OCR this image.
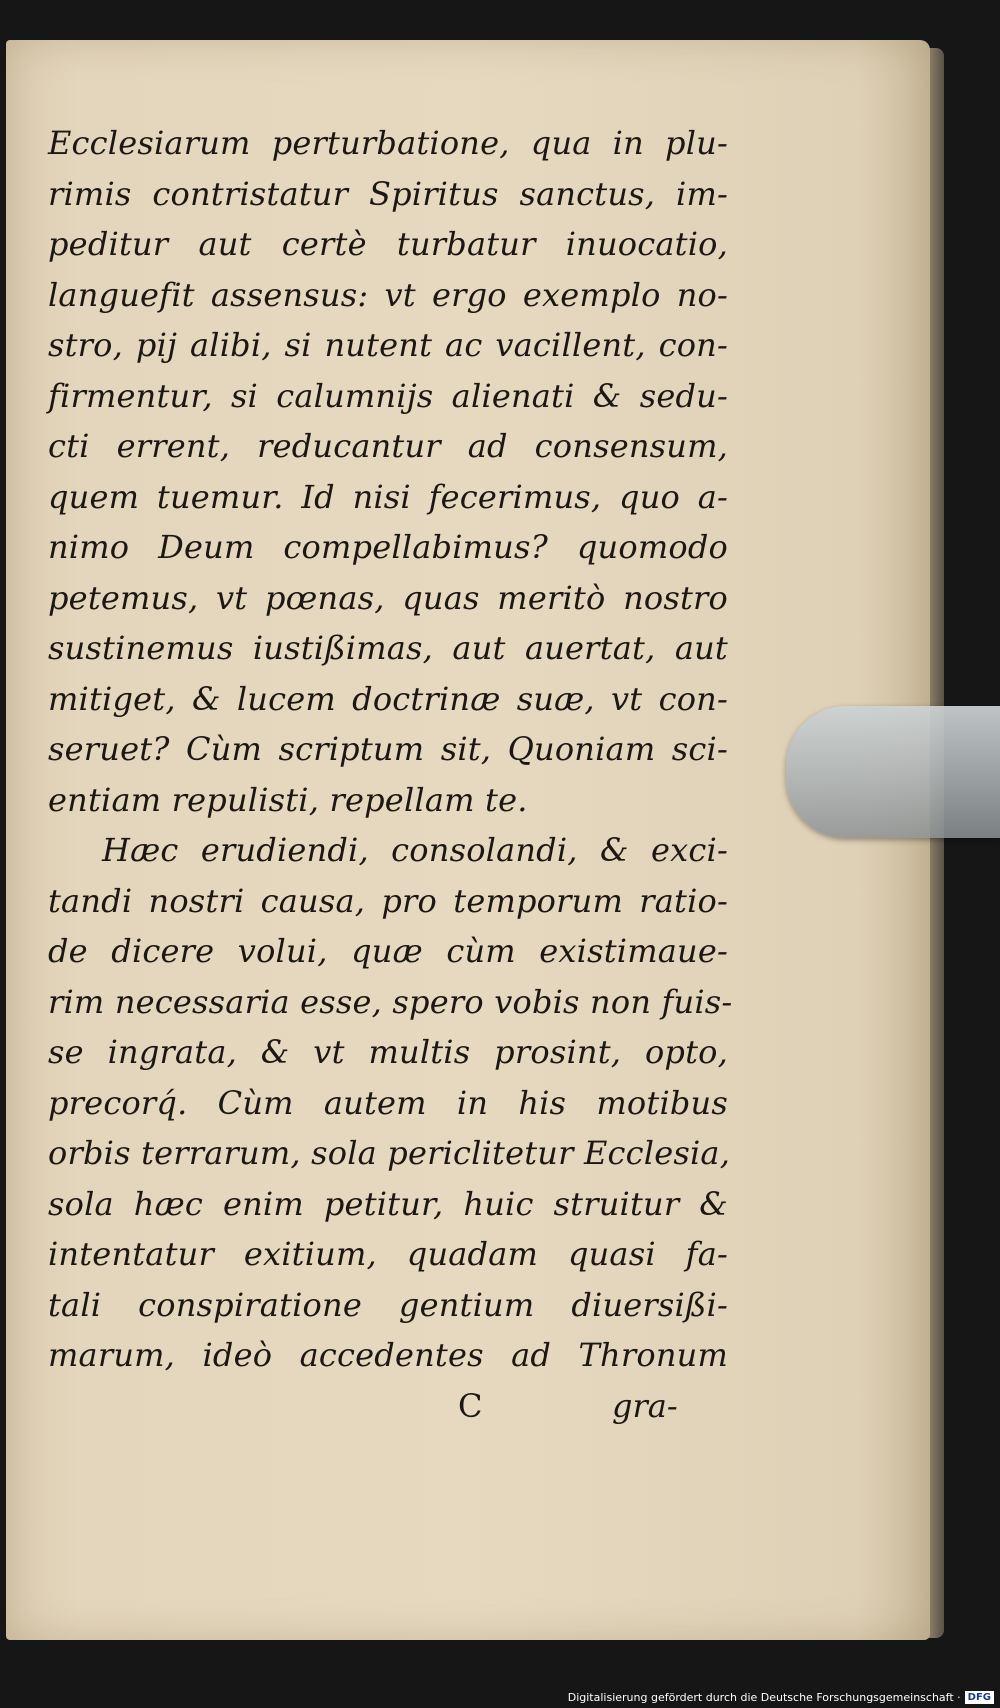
Ecclesiarum perturbatione, qua in plu-
rimis contristatur Spiritus sanctus, im-
peditur aut certè turbatur inuocatio,
languefit assensus: vt ergo exemplo no-
stro, pij alibi, si nutent ac vacillent, con-
firmentur, si calumnijs alienati & sedu-
cti errent, reducantur ad consensum,
quem tuemur. Id nisi fecerimus, quo a-
nimo Deum compellabimus? quomodo
petemus, vt pœnas, quas meritò nostro
sustinemus iustißimas, aut auertat, aut
mitiget, & lucem doctrinæ suæ, vt con-
seruet? Cùm scriptum sit, Quoniam sci-
entiam repulisti, repellam te.
Hæc erudiendi, consolandi, & exci-
tandi nostri causa, pro temporum ratio-
de dicere volui, quæ cùm existimaue-
rim necessaria esse, spero vobis non fuis-
se ingrata, & vt multis prosint, opto,
precorq́. Cùm autem in his motibus
orbis terrarum, sola periclitetur Ecclesia,
sola hæc enim petitur, huic struitur &
intentatur exitium, quadam quasi fa-
tali conspiratione gentium diuersißi-
marum, ideò accedentes ad Thronum
C	gra-
Digitalisierung gefördert durch die Deutsche Forschungsgemeinschaft · DFG
